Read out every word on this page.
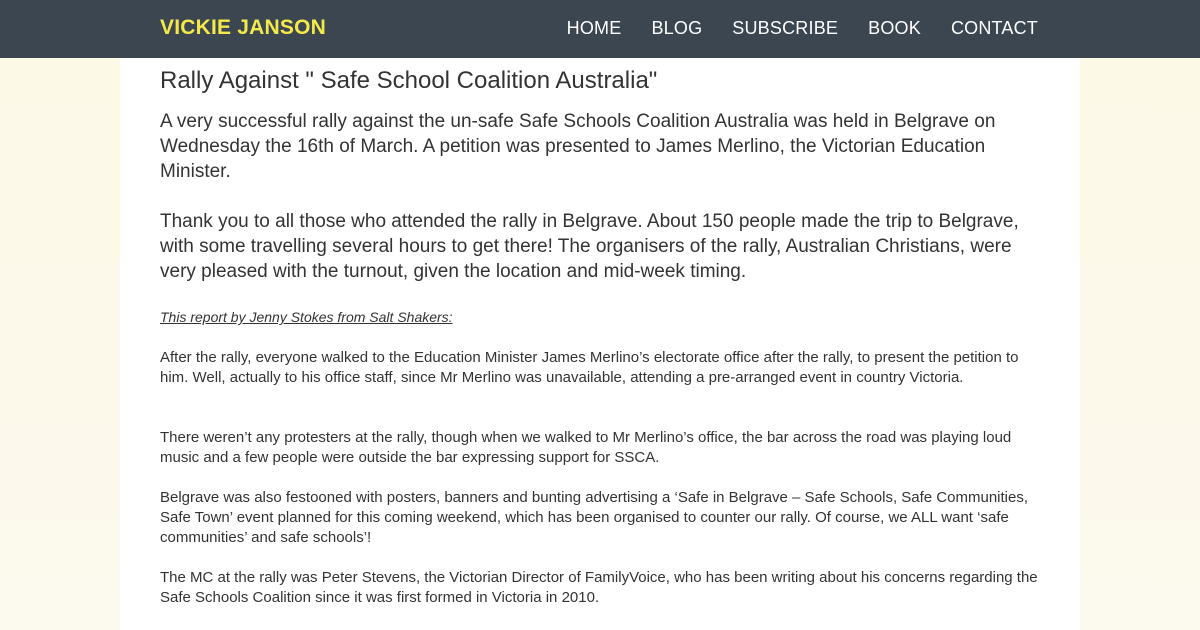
VICKIE JANSON	HOME BLOG SUBSCRIBE BOOK CONTACT
Rally Against " Safe School Coalition Australia"

A very successful rally against the un-safe Safe Schools Coalition Australia was held in Belgrave on Wednesday the 16th of March. A petition was presented to James Merlino, the Victorian Education Minister.

Thank you to all those who attended the rally in Belgrave. About 150 people made the trip to Belgrave, with some travelling several hours to get there! The organisers of the rally, Australian Christians, were very pleased with the turnout, given the location and mid-week timing.

This report by Jenny Stokes from Salt Shakers:

After the rally, everyone walked to the Education Minister James Merlino’s electorate office after the rally, to present the petition to him. Well, actually to his office staff, since Mr Merlino was unavailable, attending a pre-arranged event in country Victoria.

There weren’t any protesters at the rally, though when we walked to Mr Merlino’s office, the bar across the road was playing loud music and a few people were outside the bar expressing support for SSCA.

Belgrave was also festooned with posters, banners and bunting advertising a ‘Safe in Belgrave – Safe Schools, Safe Communities, Safe Town’ event planned for this coming weekend, which has been organised to counter our rally. Of course, we ALL want ‘safe communities’ and safe schools’!

The MC at the rally was Peter Stevens, the Victorian Director of FamilyVoice, who has been writing about his concerns regarding the Safe Schools Coalition since it was first formed in Victoria in 2010.
